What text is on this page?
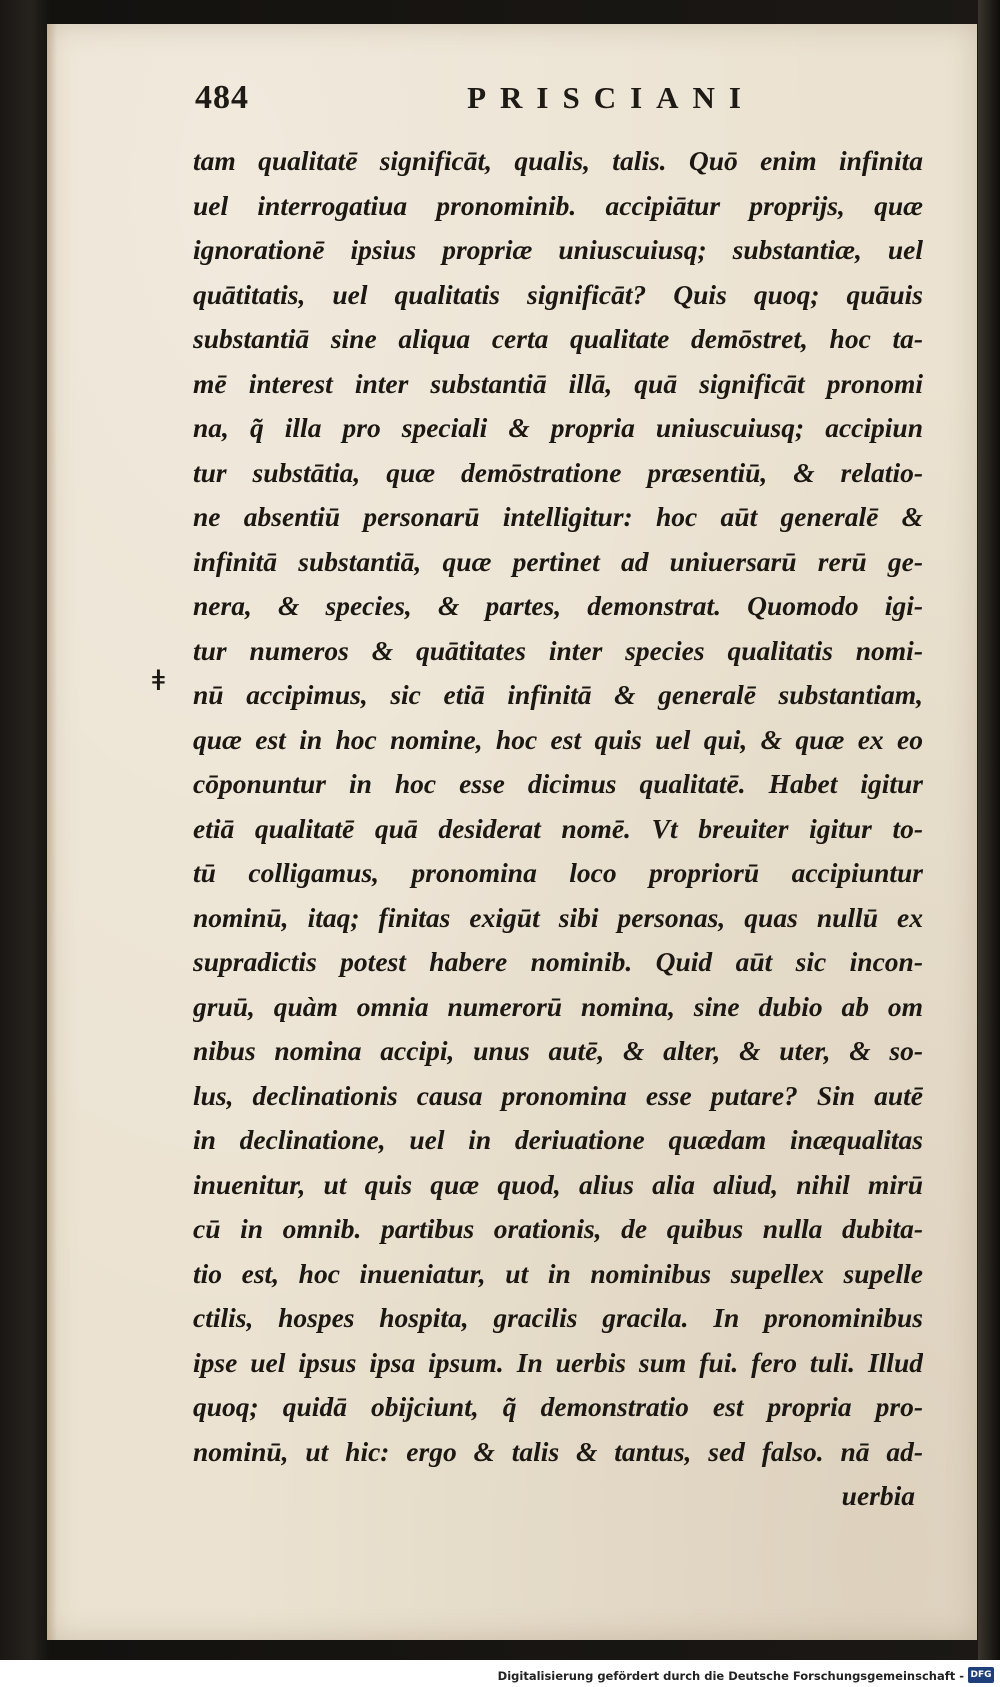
484	PRISCIANI
ǂ
tam qualitatē significāt, qualis, talis. Quō enim infinita
uel interrogatiua pronominib. accipiātur proprijs, quæ
ignorationē ipsius propriæ uniuscuiusq; substantiæ, uel
quātitatis, uel qualitatis significāt? Quis quoq; quāuis
substantiā sine aliqua certa qualitate demōstret, hoc ta-
mē interest inter substantiā illā, quā significāt pronomi
na, q̃ illa pro speciali & propria uniuscuiusq; accipiun
tur substātia, quæ demōstratione præsentiū, & relatio-
ne absentiū personarū intelligitur: hoc aūt generalē &
infinitā substantiā, quæ pertinet ad uniuersarū rerū ge-
nera, & species, & partes, demonstrat. Quomodo igi-
tur numeros & quātitates inter species qualitatis nomi-
nū accipimus, sic etiā infinitā & generalē substantiam,
quæ est in hoc nomine, hoc est quis uel qui, & quæ ex eo
cōponuntur in hoc esse dicimus qualitatē. Habet igitur
etiā qualitatē quā desiderat nomē. Vt breuiter igitur to-
tū colligamus, pronomina loco propriorū accipiuntur
nominū, itaq; finitas exigūt sibi personas, quas nullū ex
supradictis potest habere nominib. Quid aūt sic incon-
gruū, quàm omnia numerorū nomina, sine dubio ab om
nibus nomina accipi, unus autē, & alter, & uter, & so-
lus, declinationis causa pronomina esse putare? Sin autē
in declinatione, uel in deriuatione quædam inæqualitas
inuenitur, ut quis quæ quod, alius alia aliud, nihil mirū
cū in omnib. partibus orationis, de quibus nulla dubita-
tio est, hoc inueniatur, ut in nominibus supellex supelle
ctilis, hospes hospita, gracilis gracila. In pronominibus
ipse uel ipsus ipsa ipsum. In uerbis sum fui. fero tuli. Illud
quoq; quidā obijciunt, q̃ demonstratio est propria pro-
nominū, ut hic: ergo & talis & tantus, sed falso. nā ad-
uerbia
Digitalisierung gefördert durch die Deutsche Forschungsgemeinschaft - DFG
